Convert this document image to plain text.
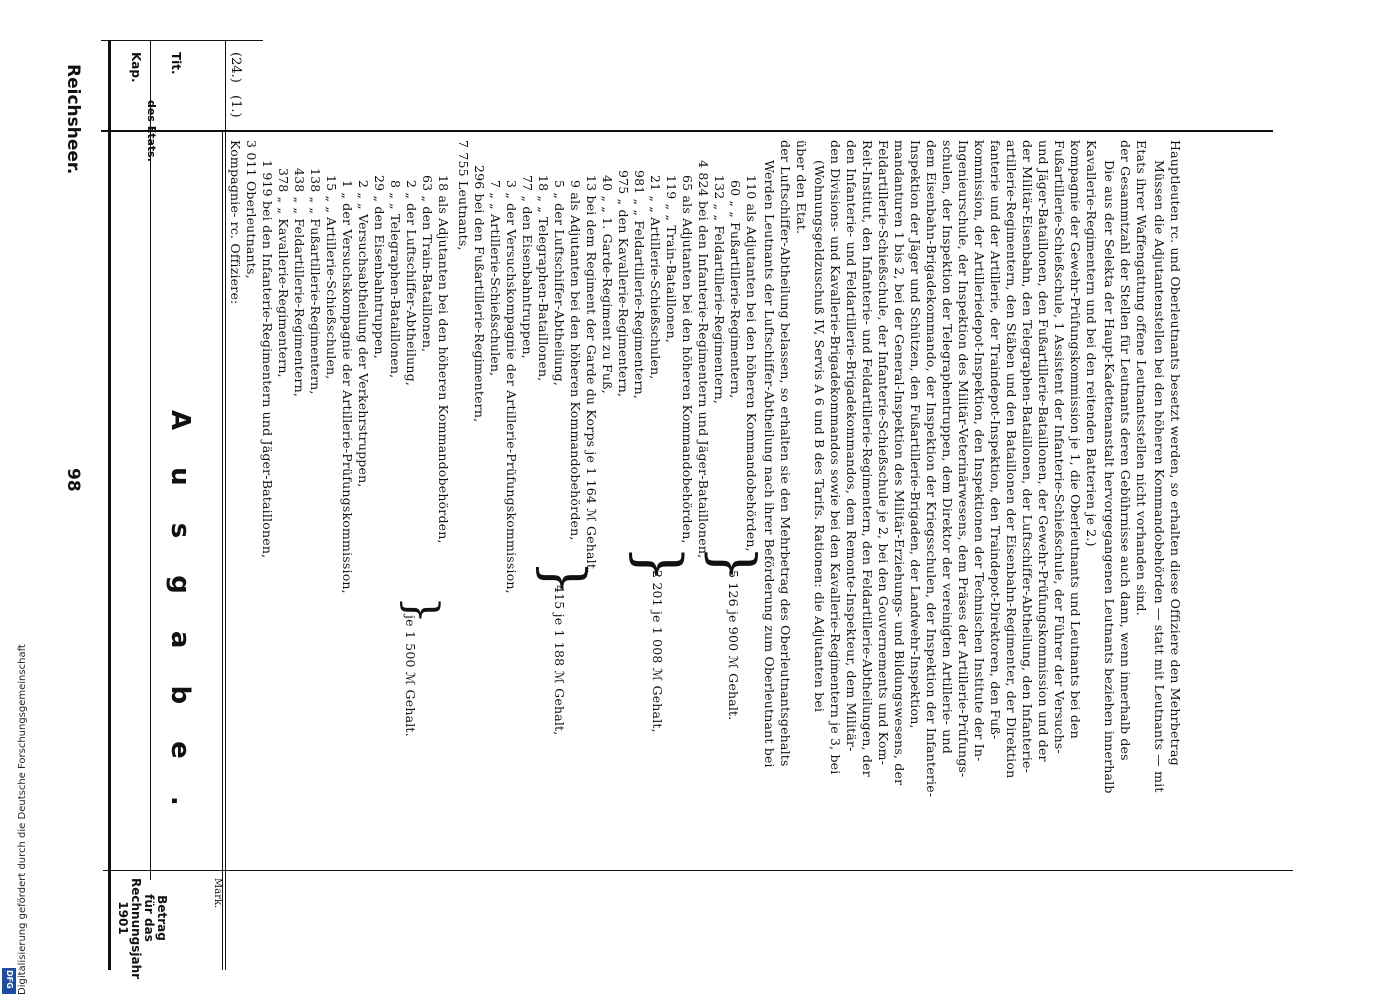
Reichsheer.
98
Kap. Tit.
A u s g a b e .
Betrag
für das
Rechnungsjahr
1901
Mark.
(24.)
(1.)
Kompagnie- rc. Offiziere: 3 011 Oberleutnants, 1 919 bei den Infanterie-Regimentern und Jäger-Bataillonen, 378 „ „ Kavallerie-Regimentern, 438 „ „ Feldartillerie-Regimentern, 138 „ „ Fußartillerie-Regimentern, 15 „ „ Artillerie-Schießschulen, 1 „ der Versuchskompagnie der Artillerie-Prüfungskommission, 2 „ „ Versuchsabtheilung der Verkehrstruppen, 29 „ den Eisenbahntruppen, 8 „ „ Telegraphen-Bataillonen, 2 „ der Luftschiffer-Abtheilung, 63 „ den Train-Bataillonen, 18 als Adjutanten bei den höheren Kommandobehörden, 7 755 Leutnants, 296 bei den Fußartillerie-Regimentern, 7 „ „ Artillerie-Schießschulen, 3 „ der Versuchskompagnie der Artillerie-Prüfungskommission, 77 „ den Eisenbahntruppen, 18 „ „ Telegraphen-Bataillonen, 5 „ der Luftschiffer-Abtheilung, 9 als Adjutanten bei den höheren Kommandobehörden, 13 bei dem Regiment der Garde du Korps je 1 164 ℳ Gehalt, 40 „ „ 1. Garde-Regiment zu Fuß, 975 „ den Kavallerie-Regimentern, 981 „ „ Feldartillerie-Regimentern, 21 „ „ Artillerie-Schießschulen, 119 „ „ Train-Bataillonen, 65 als Adjutanten bei den höheren Kommandobehörden, 4 824 bei den Infanterie-Regimentern und Jäger-Bataillonen, 132 „ „ Feldartillerie-Regimentern, 60 „ „ Fußartillerie-Regimentern, 110 als Adjutanten bei den höheren Kommandobehörden, Werden Leutnants der Luftschiffer-Abtheilung nach ihrer Beförderung zum Oberleutnant bei der Luftschiffer-Abtheilung belassen, so erhalten sie den Mehrbetrag des Oberleutnantsgehalts über den Etat. (Wohnungsgeldzuschuß IV, Servis A 6 und B des Tarifs. Rationen: die Adjutanten bei den Divisions- und Kavallerie-Brigadekommandos sowie bei den Kavallerie-Regimentern je 3, bei den Infanterie- und Feldartillerie-Brigadekommandos, dem Remonte-Inspekteur, dem Militär- Reit-Institut, den Infanterie- und Feldartillerie-Regimentern, den Feldartillerie-Abtheilungen, der Feldartillerie-Schießschule, der Infanterie-Schießschule je 2, bei den Gouvernements und Kom- mandanturen 1 bis 2, bei der General-Inspektion des Militär-Erziehungs- und Bildungswesens, der Inspektion der Jäger und Schützen, den Fußartillerie-Brigaden, der Landwehr-Inspektion, dem Eisenbahn-Brigadekommando, der Inspektion der Kriegsschulen, der Inspektion der Infanterie- schulen, der Inspektion der Telegraphentruppen, dem Direktor der vereinigten Artillerie- und Ingenieurschule, der Inspektion des Militär-Veterinärwesens, dem Präses der Artillerie-Prüfungs- kommission, der Artilleriedepot-Inspektion, den Inspektionen der Technischen Institute der In- fanterie und der Artillerie, der Traindepot-Inspektion, den Traindepot-Direktoren, den Fuß- artillerie-Regimentern, den Stäben und den Bataillonen der Eisenbahn-Regimenter, der Direktion der Militär-Eisenbahn, den Telegraphen-Bataillonen, der Luftschiffer-Abtheilung, den Infanterie- und Jäger-Bataillonen, den Fußartillerie-Bataillonen, der Gewehr-Prüfungskommission und der Fußartillerie-Schießschule, 1 Assistent der Infanterie-Schießschule, der Führer der Versuchs- kompagnie der Gewehr-Prüfungskommission je 1, die Oberleutnants und Leutnants bei den Kavallerie-Regimentern und bei den reitenden Batterien je 2.) Die aus der Selekta der Haupt-Kadettenanstalt hervorgegangenen Leutnants beziehen innerhalb der Gesammtzahl der Stellen für Leutnants deren Gebührnisse auch dann, wenn innerhalb des Etats ihrer Waffengattung offene Leutnantsstellen nicht vorhanden sind. Müssen die Adjutantenstellen bei den höheren Kommandobehörden — statt mit Leutnants — mit Hauptleuten rc. und Oberleutnants besetzt werden, so erhalten diese Offiziere den Mehrbetrag
}
je 1 500 ℳ Gehalt.
}
415 je 1 188 ℳ Gehalt,
}
2 201 je 1 008 ℳ Gehalt,
}
5 126 je 900 ℳ Gehalt.
Digitalisierung gefördert durch die Deutsche Forschungsgemeinschaft
DFG
